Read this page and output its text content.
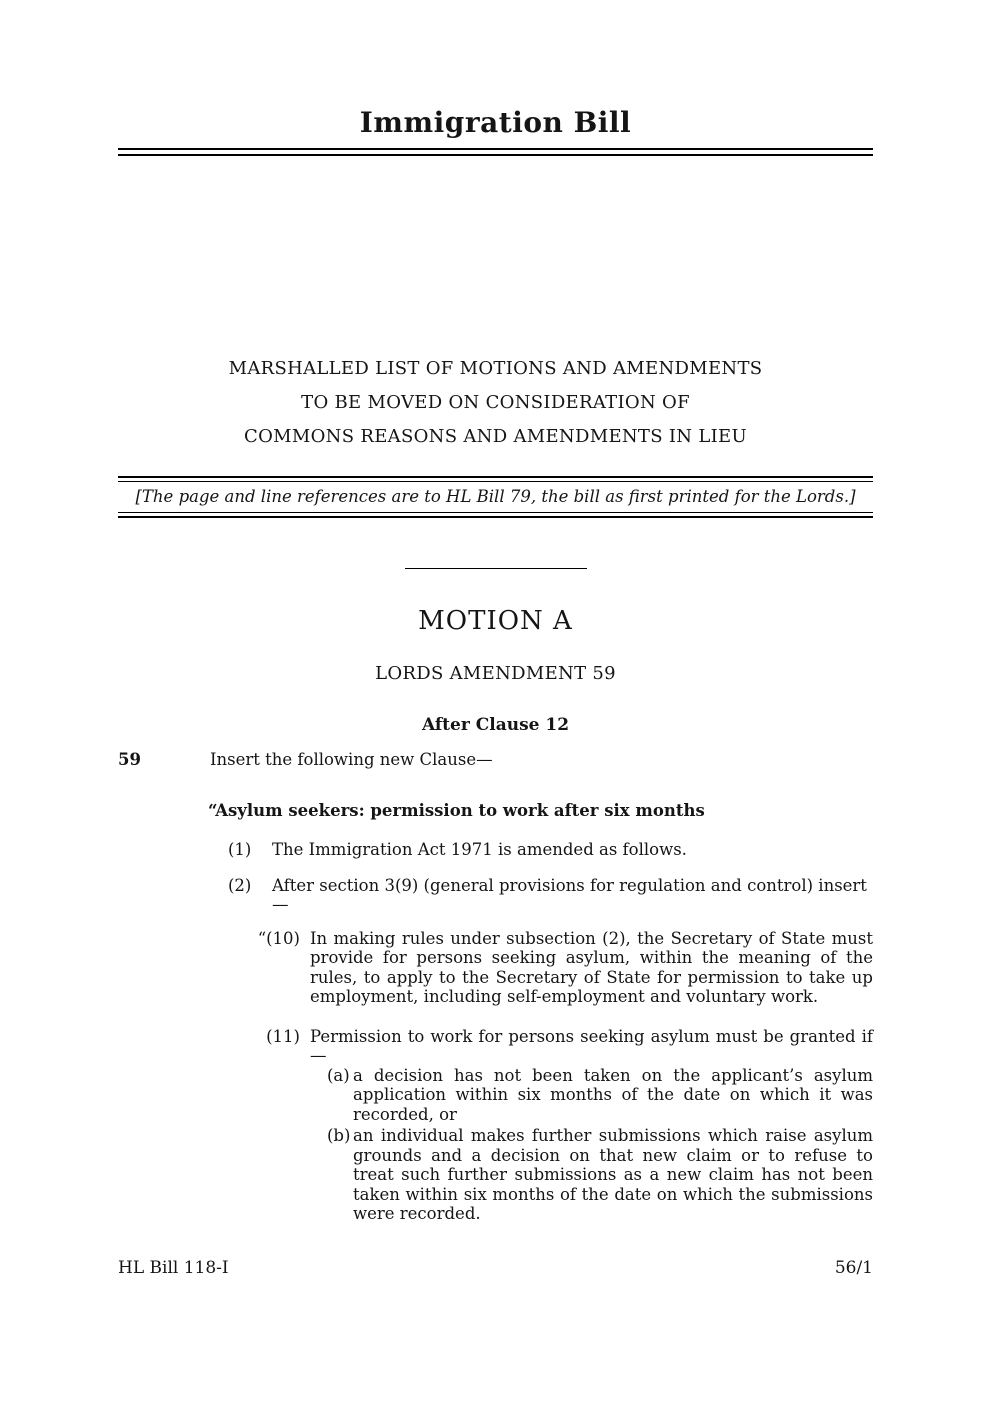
Immigration Bill
MARSHALLED LIST OF MOTIONS AND AMENDMENTS
TO BE MOVED ON CONSIDERATION OF
COMMONS REASONS AND AMENDMENTS IN LIEU
[The page and line references are to HL Bill 79, the bill as first printed for the Lords.]
MOTION A
LORDS AMENDMENT 59
After Clause 12
59	Insert the following new Clause—
“Asylum seekers: permission to work after six months
(1)	The Immigration Act 1971 is amended as follows.
(2)	After section 3(9) (general provisions for regulation and control) insert—
“(10) In making rules under subsection (2), the Secretary of State must provide for persons seeking asylum, within the meaning of the rules, to apply to the Secretary of State for permission to take up employment, including self-employment and voluntary work.
(11) Permission to work for persons seeking asylum must be granted if—
(a) a decision has not been taken on the applicant’s asylum application within six months of the date on which it was recorded, or
(b) an individual makes further submissions which raise asylum grounds and a decision on that new claim or to refuse to treat such further submissions as a new claim has not been taken within six months of the date on which the submissions were recorded.
HL Bill 118-I	56/1
